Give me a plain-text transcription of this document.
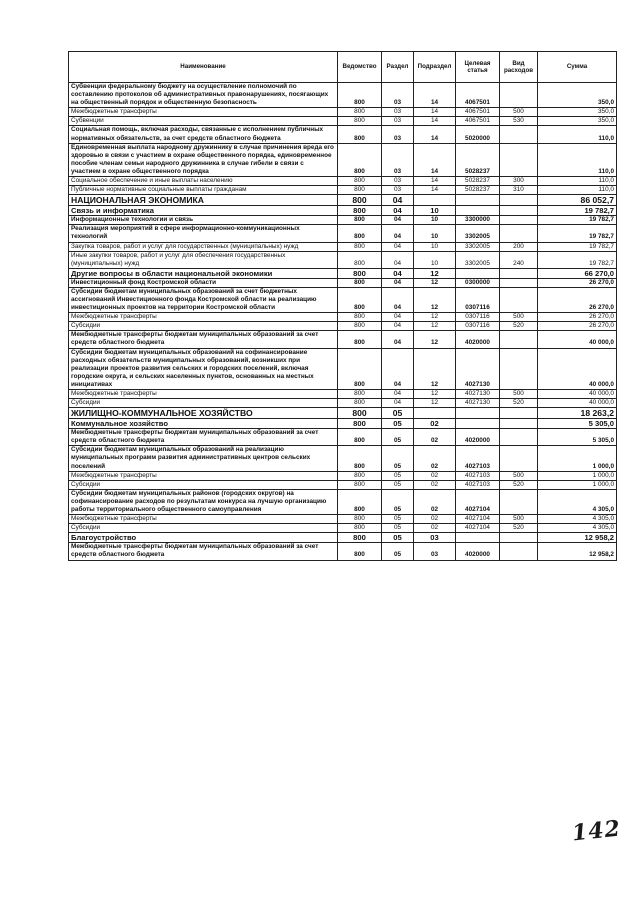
Наименование	Ведомство	Раздел	Подраздел	Целевая статья	Вид расходов	Сумма
Субвенции федеральному бюджету на осуществление полномочий по составлению протоколов об административных правонарушениях, посягающих на общественный порядок и общественную безопасность	800	03	14	4067501		350,0
Межбюджетные трансферты	800	03	14	4067501	500	350,0
Субвенции	800	03	14	4067501	530	350,0
Социальная помощь, включая расходы, связанные с исполнением публичных нормативных обязательств, за счет средств областного бюджета	800	03	14	5020000		110,0
Единовременная выплата народному дружиннику в случае причинения вреда его здоровью в связи с участием в охране общественного порядка, единовременное пособие членам семьи народного дружинника в случае гибели в связи с участием в охране общественного порядка	800	03	14	5028237		110,0
Социальное обеспечение и иные выплаты населению	800	03	14	5028237	300	110,0
Публичные нормативные социальные выплаты гражданам	800	03	14	5028237	310	110,0
НАЦИОНАЛЬНАЯ ЭКОНОМИКА	800	04				86 052,7
Связь и информатика	800	04	10			19 782,7
Информационные технологии и связь	800	04	10	3300000		19 782,7
Реализация мероприятий в сфере информационно-коммуникационных технологий	800	04	10	3302005		19 782,7
Закупка товаров, работ и услуг для государственных (муниципальных) нужд	800	04	10	3302005	200	19 782,7
Иные закупки товаров, работ и услуг для обеспечения государственных (муниципальных) нужд	800	04	10	3302005	240	19 782,7
Другие вопросы в области национальной экономики	800	04	12			66 270,0
Инвестиционный фонд Костромской области	800	04	12	0300000		26 270,0
Субсидии бюджетам муниципальных образований за счет бюджетных ассигнований Инвестиционного фонда Костромской области на реализацию инвестиционных проектов на территории Костромской области	800	04	12	0307116		26 270,0
Межбюджетные трансферты	800	04	12	0307116	500	26 270,0
Субсидии	800	04	12	0307116	520	26 270,0
Межбюджетные трансферты бюджетам муниципальных образований за счет средств областного бюджета	800	04	12	4020000		40 000,0
Субсидии бюджетам муниципальных образований на софинансирование расходных обязательств муниципальных образований, возникших при реализации проектов развития сельских и городских поселений, включая городские округа, и сельских населенных пунктов, основанных на местных инициативах	800	04	12	4027130		40 000,0
Межбюджетные трансферты	800	04	12	4027130	500	40 000,0
Субсидии	800	04	12	4027130	520	40 000,0
ЖИЛИЩНО-КОММУНАЛЬНОЕ ХОЗЯЙСТВО	800	05				18 263,2
Коммунальное хозяйство	800	05	02			5 305,0
Межбюджетные трансферты бюджетам муниципальных образований за счет средств областного бюджета	800	05	02	4020000		5 305,0
Субсидии бюджетам муниципальных образований на реализацию муниципальных программ развития административных центров сельских поселений	800	05	02	4027103		1 000,0
Межбюджетные трансферты	800	05	02	4027103	500	1 000,0
Субсидии	800	05	02	4027103	520	1 000,0
Субсидии бюджетам муниципальных районов (городских округов) на софинансирование расходов по результатам конкурса на лучшую организацию работы территориального общественного самоуправления	800	05	02	4027104		4 305,0
Межбюджетные трансферты	800	05	02	4027104	500	4 305,0
Субсидии	800	05	02	4027104	520	4 305,0
Благоустройство	800	05	03			12 958,2
Межбюджетные трансферты бюджетам муниципальных образований за счет средств областного бюджета	800	05	03	4020000		12 958,2
142
